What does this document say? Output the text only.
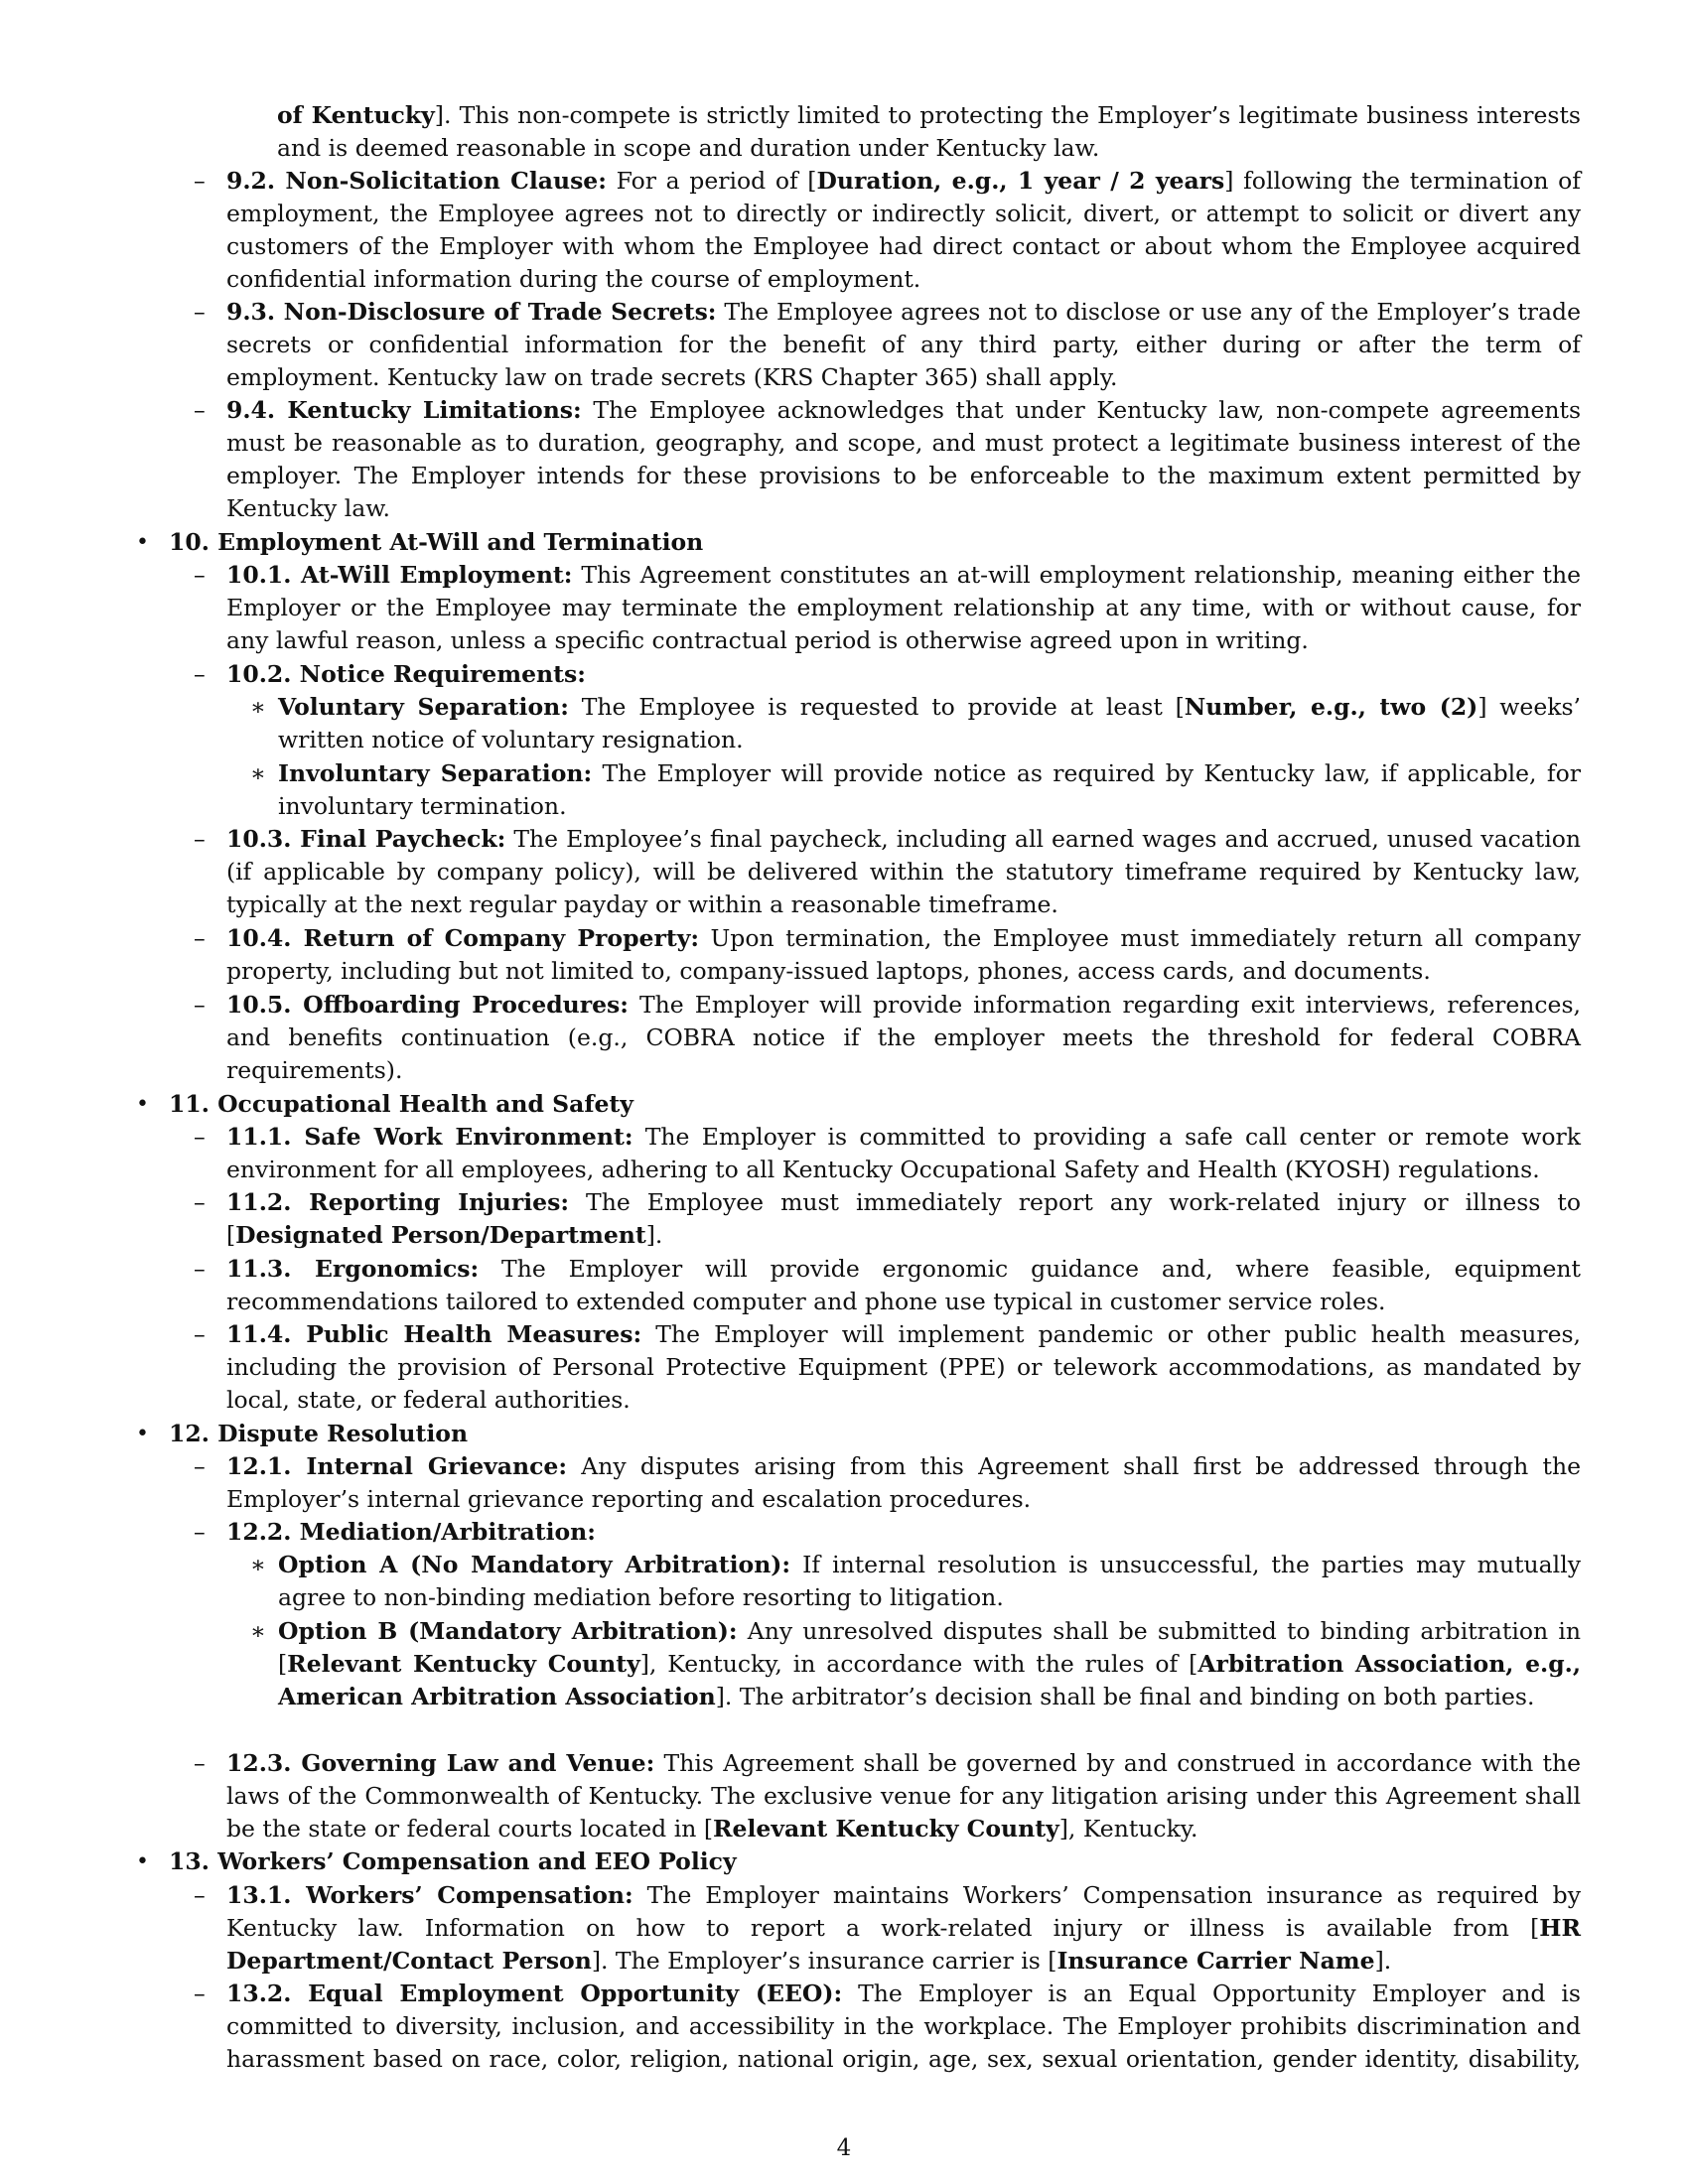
of Kentucky]. This non-compete is strictly limited to protecting the Employer’s legitimate business interests and is deemed reasonable in scope and duration under Kentucky law.

– 9.2. Non-Solicitation Clause: For a period of [Duration, e.g., 1 year / 2 years] following the termination of employment, the Employee agrees not to directly or indirectly solicit, divert, or attempt to solicit or divert any customers of the Employer with whom the Employee had direct contact or about whom the Employee acquired confidential information during the course of employment.

– 9.3. Non-Disclosure of Trade Secrets: The Employee agrees not to disclose or use any of the Employer’s trade secrets or confidential information for the benefit of any third party, either during or after the term of employment. Kentucky law on trade secrets (KRS Chapter 365) shall apply.

– 9.4. Kentucky Limitations: The Employee acknowledges that under Kentucky law, non-compete agreements must be reasonable as to duration, geography, and scope, and must protect a legitimate business interest of the employer. The Employer intends for these provisions to be enforceable to the maximum extent permitted by Kentucky law.

• 10. Employment At-Will and Termination

– 10.1. At-Will Employment: This Agreement constitutes an at-will employment relationship, meaning either the Employer or the Employee may terminate the employment relationship at any time, with or without cause, for any lawful reason, unless a specific contractual period is otherwise agreed upon in writing.

– 10.2. Notice Requirements:

∗ Voluntary Separation: The Employee is requested to provide at least [Number, e.g., two (2)] weeks’ written notice of voluntary resignation.

∗ Involuntary Separation: The Employer will provide notice as required by Kentucky law, if applicable, for involuntary termination.

– 10.3. Final Paycheck: The Employee’s final paycheck, including all earned wages and accrued, unused vacation (if applicable by company policy), will be delivered within the statutory timeframe required by Kentucky law, typically at the next regular payday or within a reasonable timeframe.

– 10.4. Return of Company Property: Upon termination, the Employee must immediately return all company property, including but not limited to, company-issued laptops, phones, access cards, and documents.

– 10.5. Offboarding Procedures: The Employer will provide information regarding exit interviews, references, and benefits continuation (e.g., COBRA notice if the employer meets the threshold for federal COBRA requirements).

• 11. Occupational Health and Safety

– 11.1. Safe Work Environment: The Employer is committed to providing a safe call center or remote work environment for all employees, adhering to all Kentucky Occupational Safety and Health (KYOSH) regulations.

– 11.2. Reporting Injuries: The Employee must immediately report any work-related injury or illness to [Designated Person/Department].

– 11.3. Ergonomics: The Employer will provide ergonomic guidance and, where feasible, equipment recommendations tailored to extended computer and phone use typical in customer service roles.

– 11.4. Public Health Measures: The Employer will implement pandemic or other public health measures, including the provision of Personal Protective Equipment (PPE) or telework accommodations, as mandated by local, state, or federal authorities.

• 12. Dispute Resolution

– 12.1. Internal Grievance: Any disputes arising from this Agreement shall first be addressed through the Employer’s internal grievance reporting and escalation procedures.

– 12.2. Mediation/Arbitration:

∗ Option A (No Mandatory Arbitration): If internal resolution is unsuccessful, the parties may mutually agree to non-binding mediation before resorting to litigation.

∗ Option B (Mandatory Arbitration): Any unresolved disputes shall be submitted to binding arbitration in [Relevant Kentucky County], Kentucky, in accordance with the rules of [Arbitration Association, e.g., American Arbitration Association]. The arbitrator’s decision shall be final and binding on both parties.

– 12.3. Governing Law and Venue: This Agreement shall be governed by and construed in accordance with the laws of the Commonwealth of Kentucky. The exclusive venue for any litigation arising under this Agreement shall be the state or federal courts located in [Relevant Kentucky County], Kentucky.

• 13. Workers’ Compensation and EEO Policy

– 13.1. Workers’ Compensation: The Employer maintains Workers’ Compensation insurance as required by Kentucky law. Information on how to report a work-related injury or illness is available from [HR Department/Contact Person]. The Employer’s insurance carrier is [Insurance Carrier Name].

– 13.2. Equal Employment Opportunity (EEO): The Employer is an Equal Opportunity Employer and is committed to diversity, inclusion, and accessibility in the workplace. The Employer prohibits discrimination and harassment based on race, color, religion, national origin, age, sex, sexual orientation, gender identity, disability,

4
